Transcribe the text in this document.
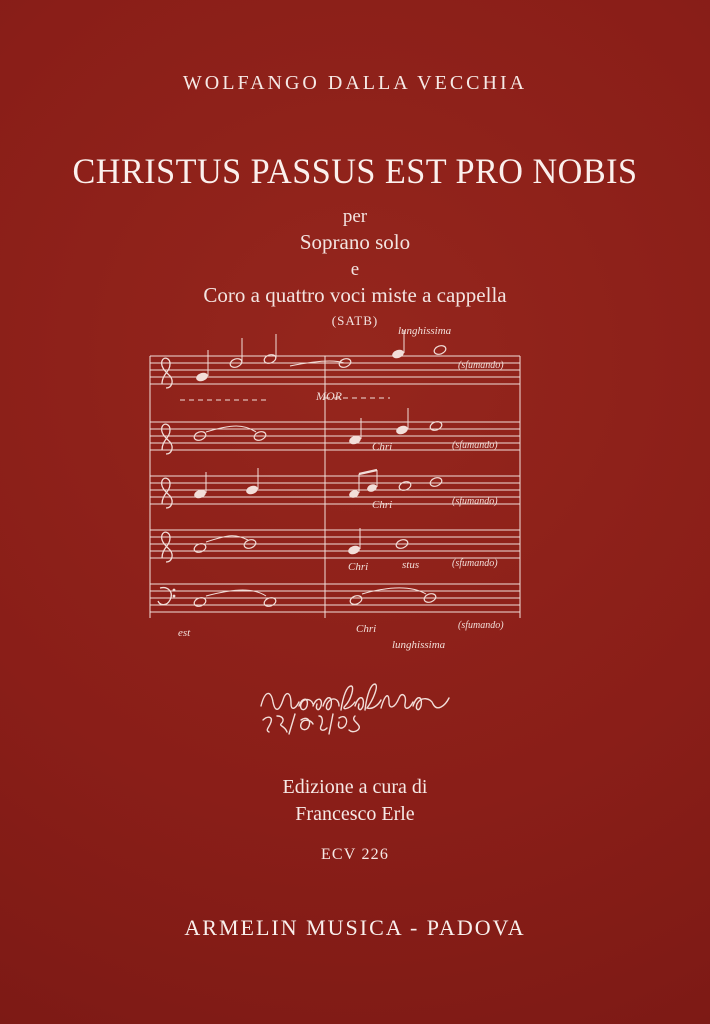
WOLFANGO DALLA VECCHIA
CHRISTUS PASSUS EST PRO NOBIS
per
Soprano solo
e
Coro a quattro voci miste a cappella
(SATB)
lunghissima
(sfumando)
MOR
Chri	(sfumando)
Chri	(sfumando)
Chri	stus	(sfumando)
est	Chri	(sfumando)
lunghissima
Edizione a cura di
Francesco Erle
ECV 226
ARMELIN MUSICA - PADOVA
